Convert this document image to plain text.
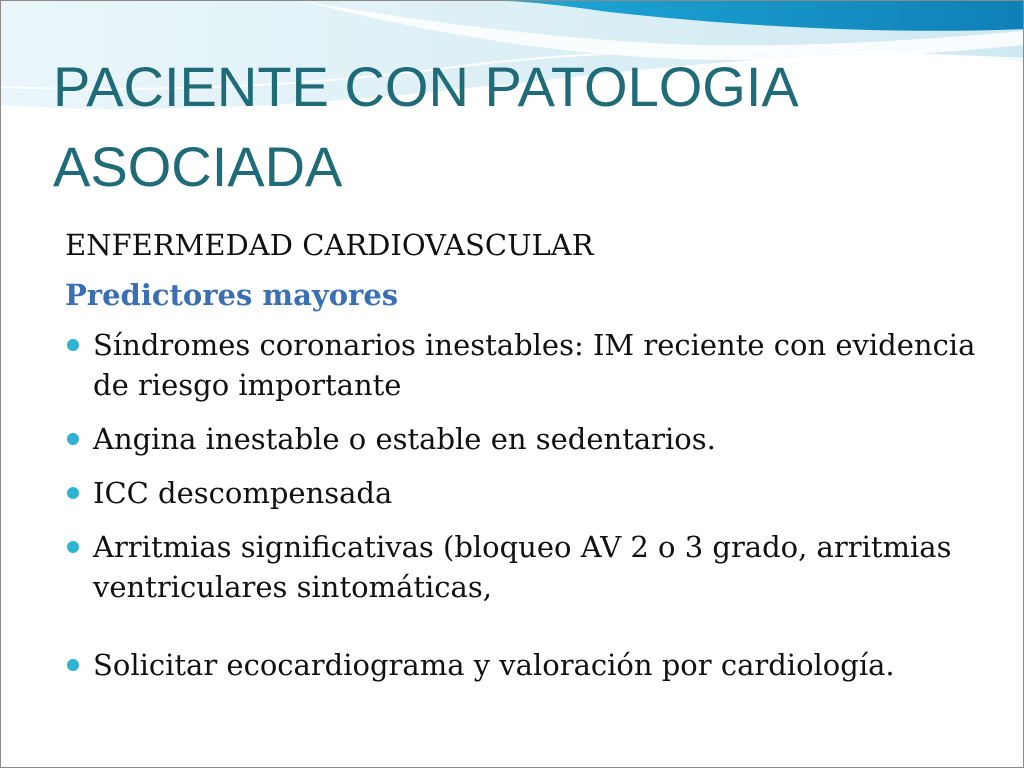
PACIENTE CON PATOLOGIA ASOCIADA
ENFERMEDAD CARDIOVASCULAR
Predictores mayores
Síndromes coronarios inestables: IM reciente con evidencia de riesgo importante
Angina inestable o estable en sedentarios.
ICC descompensada
Arritmias significativas (bloqueo AV 2 o 3 grado, arritmias ventriculares sintomáticas,
Solicitar ecocardiograma y valoración por cardiología.
